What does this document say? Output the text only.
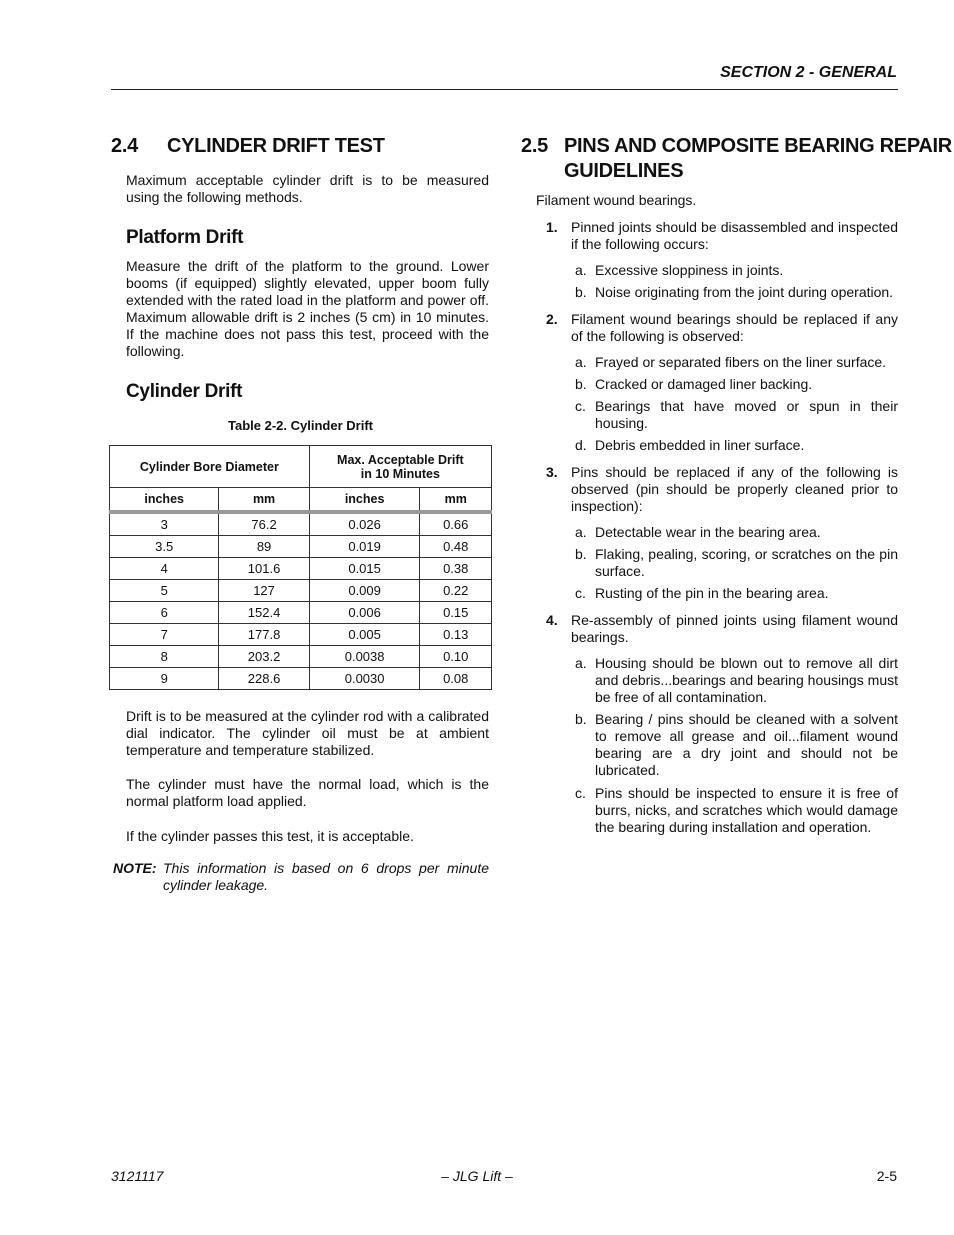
SECTION 2 - GENERAL
2.4 CYLINDER DRIFT TEST

Maximum acceptable cylinder drift is to be measured using the following methods.

Platform Drift

Measure the drift of the platform to the ground. Lower booms (if equipped) slightly elevated, upper boom fully extended with the rated load in the platform and power off. Maximum allowable drift is 2 inches (5 cm) in 10 minutes. If the machine does not pass this test, proceed with the following.

Cylinder Drift
Table 2-2. Cylinder Drift
Cylinder Bore Diameter		Max. Acceptable Drift
in 10 Minutes	
inches	mm	inches	mm
3	76.2	0.026	0.66
3.5	89	0.019	0.48
4	101.6	0.015	0.38
5	127	0.009	0.22
6	152.4	0.006	0.15
7	177.8	0.005	0.13
8	203.2	0.0038	0.10
9	228.6	0.0030	0.08

Drift is to be measured at the cylinder rod with a calibrated dial indicator. The cylinder oil must be at ambient temperature and temperature stabilized.

The cylinder must have the normal load, which is the normal platform load applied.

If the cylinder passes this test, it is acceptable.

NOTE: This information is based on 6 drops per minute cylinder leakage.
2.5 PINS AND COMPOSITE BEARING REPAIR
GUIDELINES

Filament wound bearings.

1. Pinned joints should be disassembled and inspected if the following occurs:
a. Excessive sloppiness in joints.
b. Noise originating from the joint during operation.
2. Filament wound bearings should be replaced if any of the following is observed:
a. Frayed or separated fibers on the liner surface.
b. Cracked or damaged liner backing.
c. Bearings that have moved or spun in their housing.
d. Debris embedded in liner surface.
3. Pins should be replaced if any of the following is observed (pin should be properly cleaned prior to inspection):
a. Detectable wear in the bearing area.
b. Flaking, pealing, scoring, or scratches on the pin surface.
c. Rusting of the pin in the bearing area.
4. Re-assembly of pinned joints using filament wound bearings.
a. Housing should be blown out to remove all dirt and debris...bearings and bearing housings must be free of all contamination.
b. Bearing / pins should be cleaned with a solvent to remove all grease and oil...filament wound bearing are a dry joint and should not be lubricated.
c. Pins should be inspected to ensure it is free of burrs, nicks, and scratches which would damage the bearing during installation and operation.
3121117	– JLG Lift –	2-5
